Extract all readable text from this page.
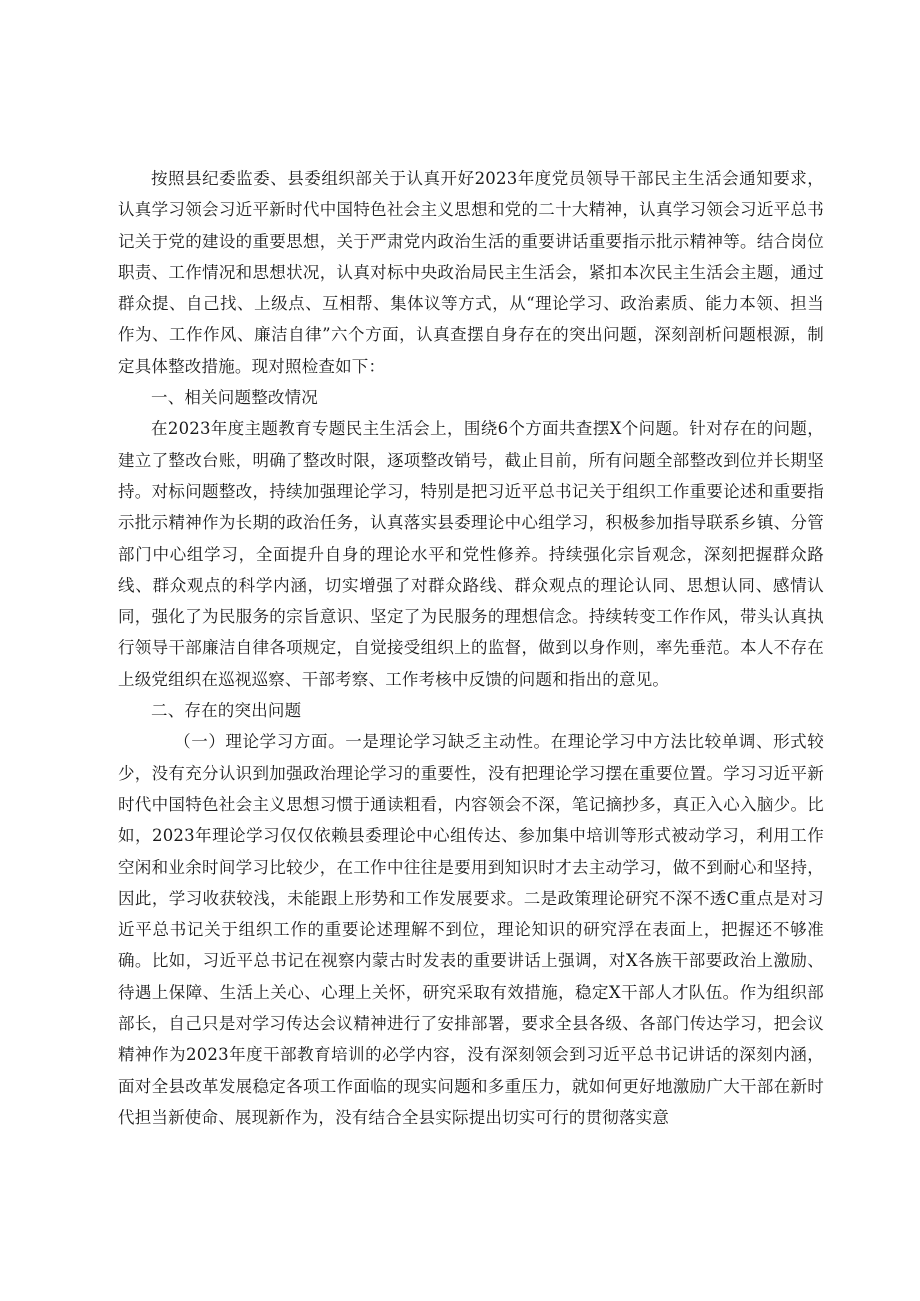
按照县纪委监委、县委组织部关于认真开好2023年度党员领导干部民主生活会通知要求，认真学习领会习近平新时代中国特色社会主义思想和党的二十大精神，认真学习领会习近平总书记关于党的建设的重要思想，关于严肃党内政治生活的重要讲话重要指示批示精神等。结合岗位职责、工作情况和思想状况，认真对标中央政治局民主生活会，紧扣本次民主生活会主题，通过群众提、自己找、上级点、互相帮、集体议等方式，从“理论学习、政治素质、能力本领、担当作为、工作作风、廉洁自律”六个方面，认真查摆自身存在的突出问题，深刻剖析问题根源，制定具体整改措施。现对照检查如下：

一、相关问题整改情况

在2023年度主题教育专题民主生活会上，围绕6个方面共查摆X个问题。针对存在的问题，建立了整改台账，明确了整改时限，逐项整改销号，截止目前，所有问题全部整改到位并长期坚持。对标问题整改，持续加强理论学习，特别是把习近平总书记关于组织工作重要论述和重要指示批示精神作为长期的政治任务，认真落实县委理论中心组学习，积极参加指导联系乡镇、分管部门中心组学习，全面提升自身的理论水平和党性修养。持续强化宗旨观念，深刻把握群众路线、群众观点的科学内涵，切实增强了对群众路线、群众观点的理论认同、思想认同、感情认同，强化了为民服务的宗旨意识、坚定了为民服务的理想信念。持续转变工作作风，带头认真执行领导干部廉洁自律各项规定，自觉接受组织上的监督，做到以身作则，率先垂范。本人不存在上级党组织在巡视巡察、干部考察、工作考核中反馈的问题和指出的意见。

二、存在的突出问题

（一）理论学习方面。一是理论学习缺乏主动性。在理论学习中方法比较单调、形式较少，没有充分认识到加强政治理论学习的重要性，没有把理论学习摆在重要位置。学习习近平新时代中国特色社会主义思想习惯于通读粗看，内容领会不深，笔记摘抄多，真正入心入脑少。比如，2023年理论学习仅仅依赖县委理论中心组传达、参加集中培训等形式被动学习，利用工作空闲和业余时间学习比较少，在工作中往往是要用到知识时才去主动学习，做不到耐心和坚持，因此，学习收获较浅，未能跟上形势和工作发展要求。二是政策理论研究不深不透C重点是对习近平总书记关于组织工作的重要论述理解不到位，理论知识的研究浮在表面上，把握还不够准确。比如，习近平总书记在视察内蒙古时发表的重要讲话上强调，对X各族干部要政治上激励、待遇上保障、生活上关心、心理上关怀，研究采取有效措施，稳定X干部人才队伍。作为组织部部长，自己只是对学习传达会议精神进行了安排部署，要求全县各级、各部门传达学习，把会议精神作为2023年度干部教育培训的必学内容，没有深刻领会到习近平总书记讲话的深刻内涵，面对全县改革发展稳定各项工作面临的现实问题和多重压力，就如何更好地激励广大干部在新时代担当新使命、展现新作为，没有结合全县实际提出切实可行的贯彻落实意
